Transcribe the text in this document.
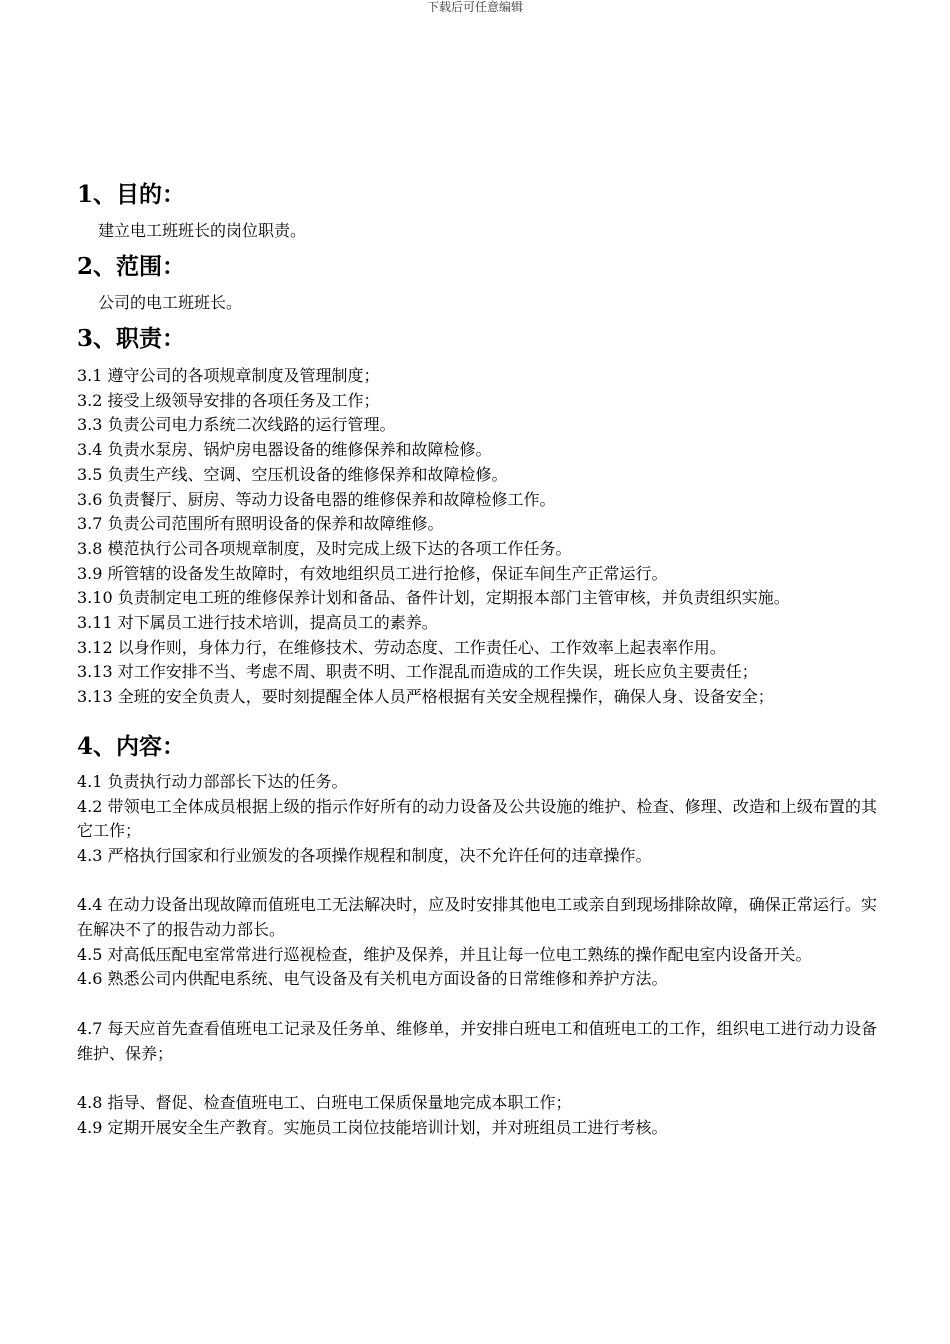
下载后可任意编辑
1、目的：
建立电工班班长的岗位职责。
2、范围：
公司的电工班班长。
3、职责：

3.1 遵守公司的各项规章制度及管理制度；

3.2 接受上级领导安排的各项任务及工作；

3.3 负责公司电力系统二次线路的运行管理。

3.4 负责水泵房、锅炉房电器设备的维修保养和故障检修。

3.5 负责生产线、空调、空压机设备的维修保养和故障检修。

3.6 负责餐厅、厨房、等动力设备电器的维修保养和故障检修工作。

3.7 负责公司范围所有照明设备的保养和故障维修。

3.8 模范执行公司各项规章制度，及时完成上级下达的各项工作任务。

3.9 所管辖的设备发生故障时，有效地组织员工进行抢修，保证车间生产正常运行。

3.10 负责制定电工班的维修保养计划和备品、备件计划，定期报本部门主管审核，并负责组织实施。

3.11 对下属员工进行技术培训，提高员工的素养。

3.12 以身作则，身体力行，在维修技术、劳动态度、工作责任心、工作效率上起表率作用。

3.13 对工作安排不当、考虑不周、职责不明、工作混乱而造成的工作失误，班长应负主要责任；

3.13 全班的安全负责人，要时刻提醒全体人员严格根据有关安全规程操作，确保人身、设备安全；

4、内容：

4.1 负责执行动力部部长下达的任务。

4.2 带领电工全体成员根据上级的指示作好所有的动力设备及公共设施的维护、检查、修理、改造和上级布置的其它工作；

4.3 严格执行国家和行业颁发的各项操作规程和制度，决不允许任何的违章操作。

4.4 在动力设备出现故障而值班电工无法解决时，应及时安排其他电工或亲自到现场排除故障，确保正常运行。实在解决不了的报告动力部长。

4.5 对高低压配电室常常进行巡视检查，维护及保养，并且让每一位电工熟练的操作配电室内设备开关。

4.6 熟悉公司内供配电系统、电气设备及有关机电方面设备的日常维修和养护方法。

4.7 每天应首先查看值班电工记录及任务单、维修单，并安排白班电工和值班电工的工作，组织电工进行动力设备维护、保养；

4.8 指导、督促、检查值班电工、白班电工保质保量地完成本职工作；

4.9 定期开展安全生产教育。实施员工岗位技能培训计划，并对班组员工进行考核。
